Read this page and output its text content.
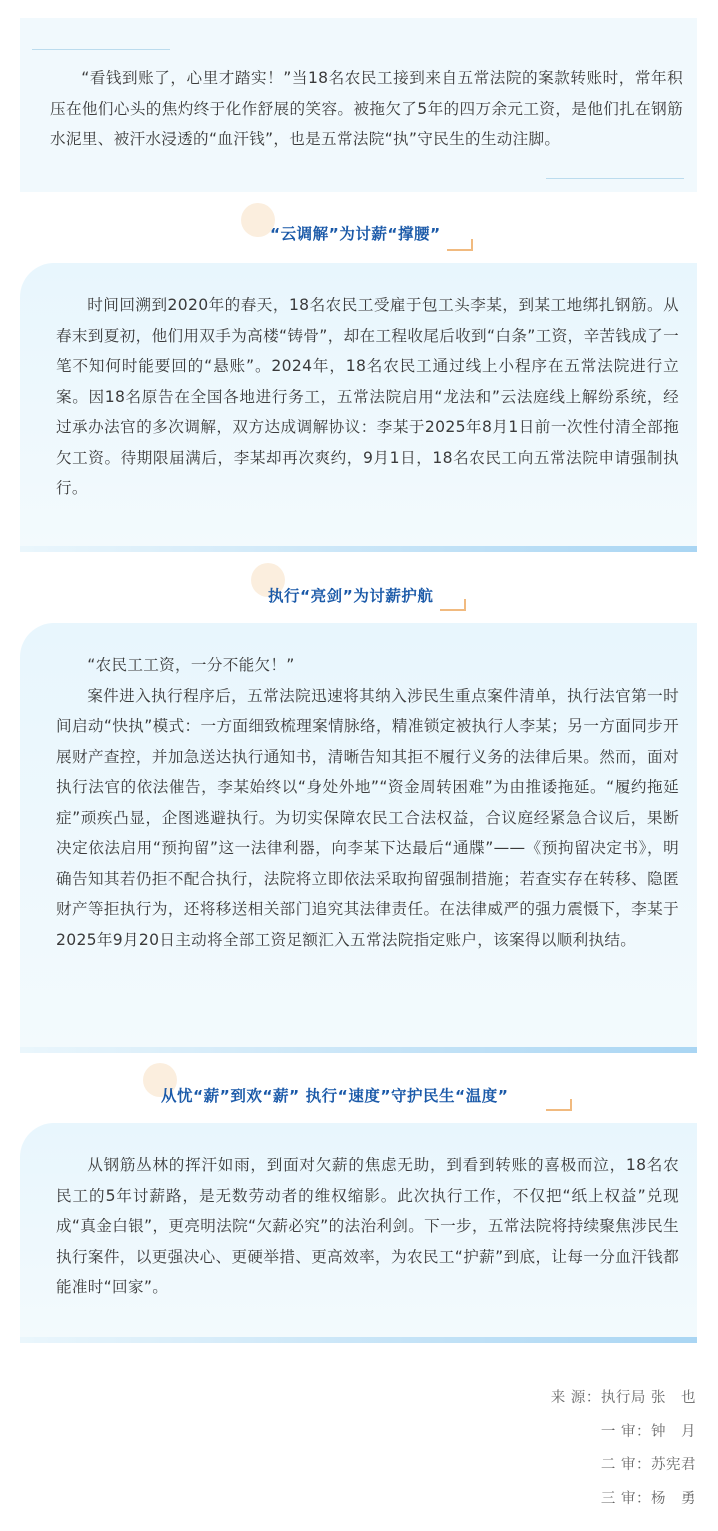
“看钱到账了，心里才踏实！”当18名农民工接到来自五常法院的案款转账时，常年积压在他们心头的焦灼终于化作舒展的笑容。被拖欠了5年的四万余元工资，是他们扎在钢筋水泥里、被汗水浸透的“血汗钱”，也是五常法院“执”守民生的生动注脚。

“云调解”为讨薪“撑腰”

时间回溯到2020年的春天，18名农民工受雇于包工头李某，到某工地绑扎钢筋。从春末到夏初，他们用双手为高楼“铸骨”，却在工程收尾后收到“白条”工资，辛苦钱成了一笔不知何时能要回的“悬账”。2024年，18名农民工通过线上小程序在五常法院进行立案。因18名原告在全国各地进行务工，五常法院启用“龙法和”云法庭线上解纷系统，经过承办法官的多次调解，双方达成调解协议：李某于2025年8月1日前一次性付清全部拖欠工资。待期限届满后，李某却再次爽约，9月1日，18名农民工向五常法院申请强制执行。

执行“亮剑”为讨薪护航

“农民工工资，一分不能欠！”

案件进入执行程序后，五常法院迅速将其纳入涉民生重点案件清单，执行法官第一时间启动“快执”模式：一方面细致梳理案情脉络，精准锁定被执行人李某；另一方面同步开展财产查控，并加急送达执行通知书，清晰告知其拒不履行义务的法律后果。然而，面对执行法官的依法催告，李某始终以“身处外地”“资金周转困难”为由推诿拖延。“履约拖延症”顽疾凸显，企图逃避执行。为切实保障农民工合法权益，合议庭经紧急合议后，果断决定依法启用“预拘留”这一法律利器，向李某下达最后“通牒”——《预拘留决定书》，明确告知其若仍拒不配合执行，法院将立即依法采取拘留强制措施；若查实存在转移、隐匿财产等拒执行为，还将移送相关部门追究其法律责任。在法律威严的强力震慑下，李某于2025年9月20日主动将全部工资足额汇入五常法院指定账户，该案得以顺利执结。

从忧“薪”到欢“薪” 执行“速度”守护民生“温度”

从钢筋丛林的挥汗如雨，到面对欠薪的焦虑无助，到看到转账的喜极而泣，18名农民工的5年讨薪路，是无数劳动者的维权缩影。此次执行工作，不仅把“纸上权益”兑现成“真金白银”，更亮明法院“欠薪必究”的法治利剑。下一步，五常法院将持续聚焦涉民生执行案件，以更强决心、更硬举措、更高效率，为农民工“护薪”到底，让每一分血汗钱都能准时“回家”。

来 源：执行局 张　也
一 审：钟　月
二 审：苏宪君
三 审：杨　勇
